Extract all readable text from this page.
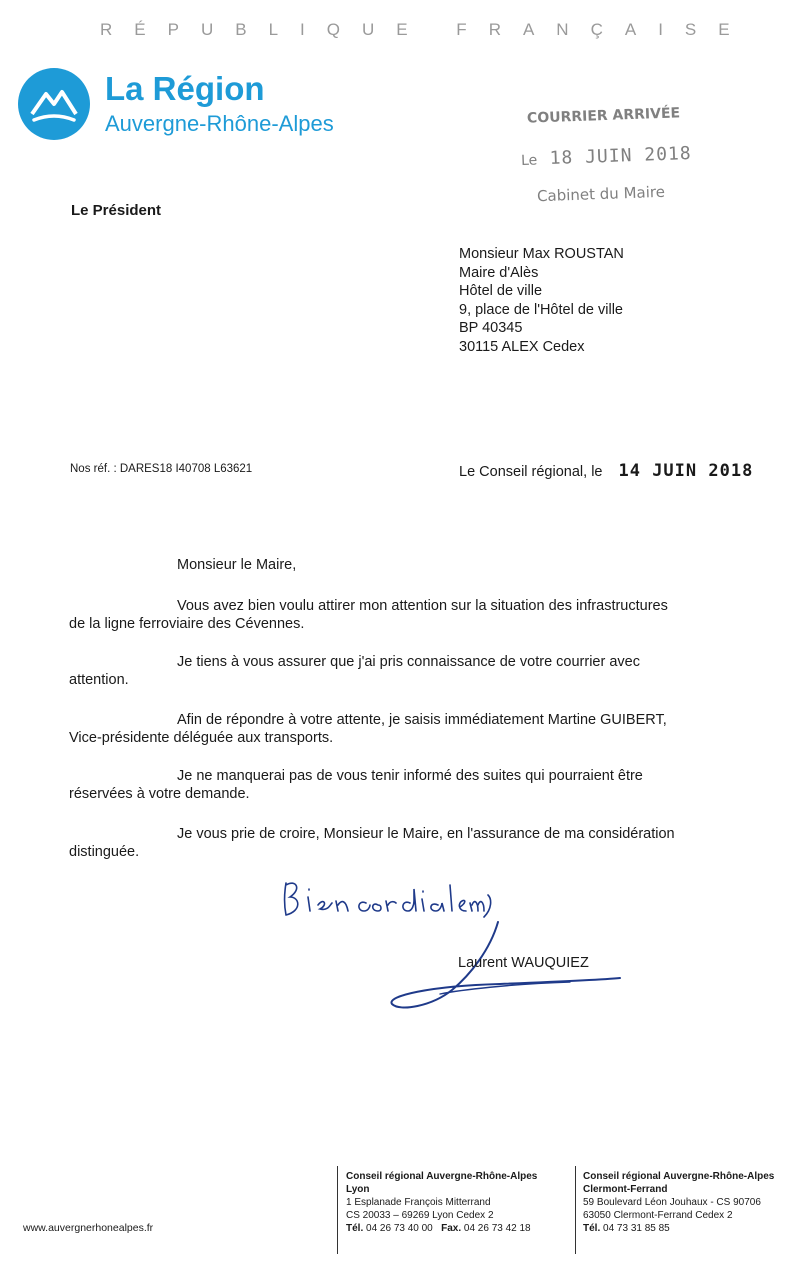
RÉPUBLIQUE FRANÇAISE
La Région
Auvergne-Rhône-Alpes	COURRIER ARRIVÉE
Le 18 JUIN 2018
Cabinet du Maire
Le Président
Monsieur Max ROUSTAN
Maire d'Alès
Hôtel de ville
9, place de l'Hôtel de ville
BP 40345
30115 ALEX Cedex
Nos réf. : DARES18 I40708 L63621	Le Conseil régional, le 14 JUIN 2018
Monsieur le Maire,
Vous avez bien voulu attirer mon attention sur la situation des infrastructures
de la ligne ferroviaire des Cévennes.
Je tiens à vous assurer que j'ai pris connaissance de votre courrier avec
attention.
Afin de répondre à votre attente, je saisis immédiatement Martine GUIBERT,
Vice-présidente déléguée aux transports.
Je ne manquerai pas de vous tenir informé des suites qui pourraient être
réservées à votre demande.
Je vous prie de croire, Monsieur le Maire, en l'assurance de ma considération
distinguée.
Laurent WAUQUIEZ
www.auvergnerhonealpes.fr
Conseil régional Auvergne-Rhône-Alpes
Lyon
1 Esplanade François Mitterrand
CS 20033 – 69269 Lyon Cedex 2
Tél. 04 26 73 40 00 Fax. 04 26 73 42 18
Conseil régional Auvergne-Rhône-Alpes
Clermont-Ferrand
59 Boulevard Léon Jouhaux - CS 90706
63050 Clermont-Ferrand Cedex 2
Tél. 04 73 31 85 85
